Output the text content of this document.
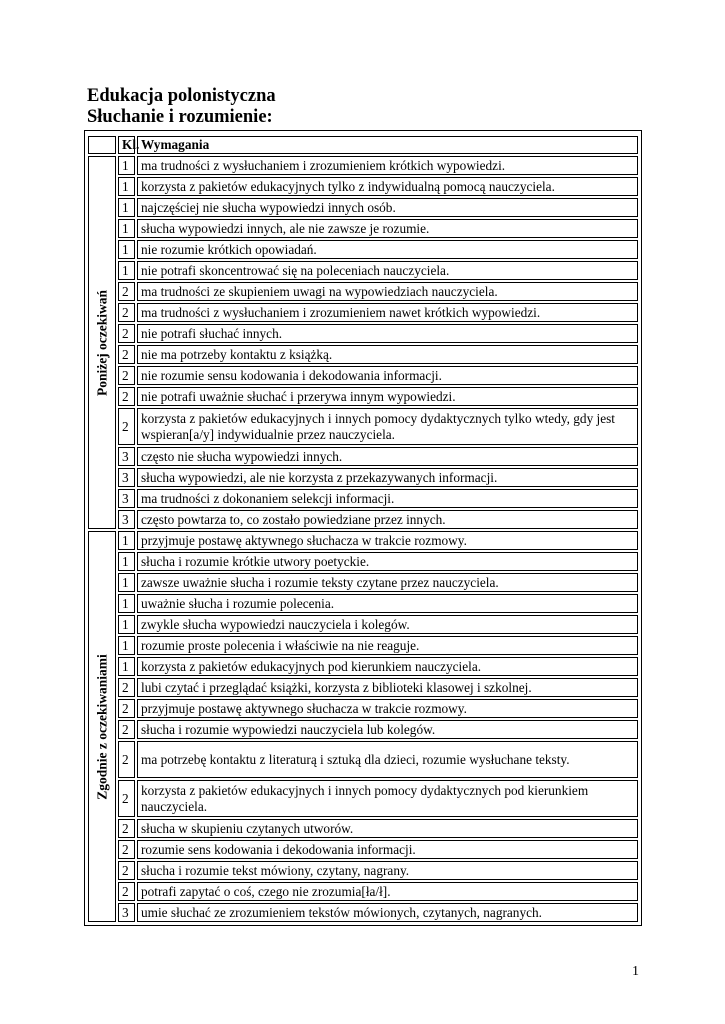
Edukacja polonistyczna
Słuchanie i rozumienie:
	Kl.	Wymagania

Poniżej oczekiwań	1	ma trudności z wysłuchaniem i zrozumieniem krótkich wypowiedzi.
	1	korzysta z pakietów edukacyjnych tylko z indywidualną pomocą nauczyciela.
	1	najczęściej nie słucha wypowiedzi innych osób.
	1	słucha wypowiedzi innych, ale nie zawsze je rozumie.
	1	nie rozumie krótkich opowiadań.
	1	nie potrafi skoncentrować się na poleceniach nauczyciela.
	2	ma trudności ze skupieniem uwagi na wypowiedziach nauczyciela.
	2	ma trudności z wysłuchaniem i zrozumieniem nawet krótkich wypowiedzi.
	2	nie potrafi słuchać innych.
	2	nie ma potrzeby kontaktu z książką.
	2	nie rozumie sensu kodowania i dekodowania informacji.
	2	nie potrafi uważnie słuchać i przerywa innym wypowiedzi.
	2	korzysta z pakietów edukacyjnych i innych pomocy dydaktycznych tylko wtedy, gdy jest wspieran[a/y] indywidualnie przez nauczyciela.
	3	często nie słucha wypowiedzi innych.
	3	słucha wypowiedzi, ale nie korzysta z przekazywanych informacji.
	3	ma trudności z dokonaniem selekcji informacji.
	3	często powtarza to, co zostało powiedziane przez innych.

Zgodnie z oczekiwaniami	1	przyjmuje postawę aktywnego słuchacza w trakcie rozmowy.
	1	słucha i rozumie krótkie utwory poetyckie.
	1	zawsze uważnie słucha i rozumie teksty czytane przez nauczyciela.
	1	uważnie słucha i rozumie polecenia.
	1	zwykle słucha wypowiedzi nauczyciela i kolegów.
	1	rozumie proste polecenia i właściwie na nie reaguje.
	1	korzysta z pakietów edukacyjnych pod kierunkiem nauczyciela.
	2	lubi czytać i przeglądać książki, korzysta z biblioteki klasowej i szkolnej.
	2	przyjmuje postawę aktywnego słuchacza w trakcie rozmowy.
	2	słucha i rozumie wypowiedzi nauczyciela lub kolegów.
	2	ma potrzebę kontaktu z literaturą i sztuką dla dzieci, rozumie wysłuchane teksty.
	2	korzysta z pakietów edukacyjnych i innych pomocy dydaktycznych pod kierunkiem nauczyciela.
	2	słucha w skupieniu czytanych utworów.
	2	rozumie sens kodowania i dekodowania informacji.
	2	słucha i rozumie tekst mówiony, czytany, nagrany.
	2	potrafi zapytać o coś, czego nie zrozumia[ła/ł].
	3	umie słuchać ze zrozumieniem tekstów mówionych, czytanych, nagranych.
1
